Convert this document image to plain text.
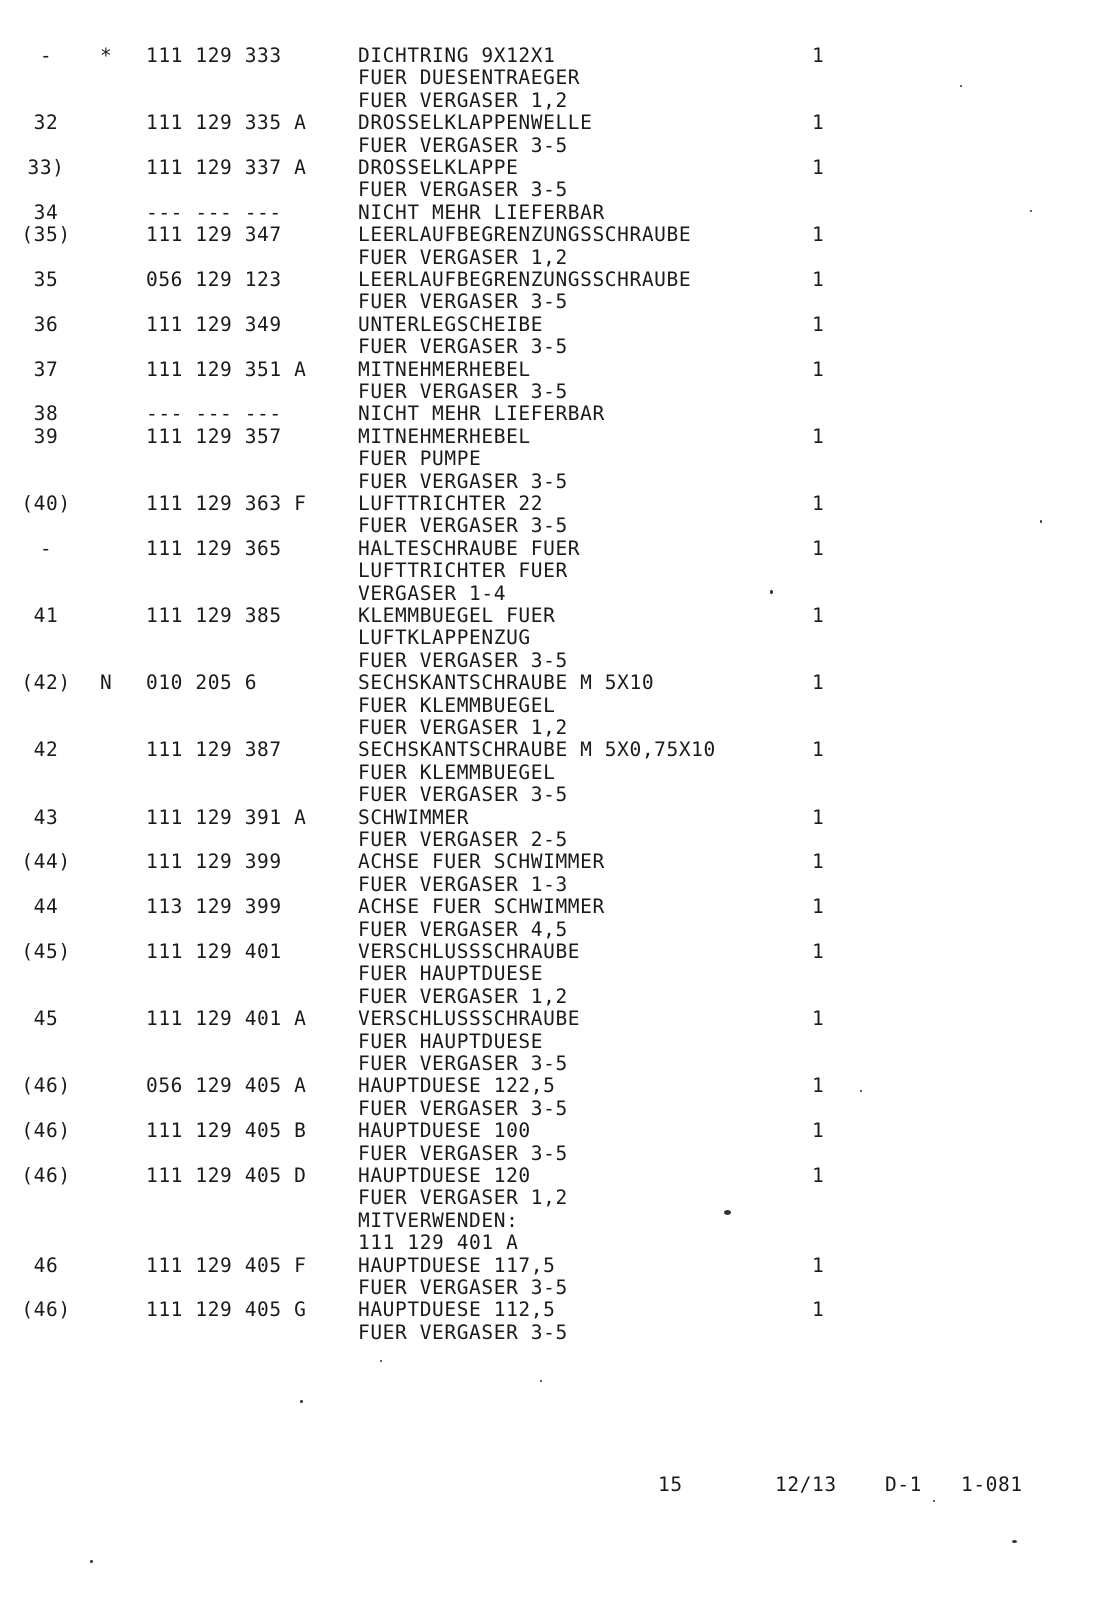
-	* 111 129 333	DICHTRING 9X12X1	1
FUER DUESENTRAEGER
FUER VERGASER 1,2
32	111 129 335 A	DROSSELKLAPPENWELLE	1
FUER VERGASER 3-5
33)	111 129 337 A	DROSSELKLAPPE	1
FUER VERGASER 3-5
34	--- --- ---	NICHT MEHR LIEFERBAR
(35)	111 129 347	LEERLAUFBEGRENZUNGSSCHRAUBE	1
FUER VERGASER 1,2
35	056 129 123	LEERLAUFBEGRENZUNGSSCHRAUBE	1
FUER VERGASER 3-5
36	111 129 349	UNTERLEGSCHEIBE	1
FUER VERGASER 3-5
37	111 129 351 A	MITNEHMERHEBEL	1
FUER VERGASER 3-5
38	--- --- ---	NICHT MEHR LIEFERBAR
39	111 129 357	MITNEHMERHEBEL	1
FUER PUMPE
FUER VERGASER 3-5
(40)	111 129 363 F	LUFTTRICHTER 22	1
FUER VERGASER 3-5
-	111 129 365	HALTESCHRAUBE FUER	1
LUFTTRICHTER FUER
VERGASER 1-4
41	111 129 385	KLEMMBUEGEL FUER	1
LUFTKLAPPENZUG
FUER VERGASER 3-5
(42) N 010 205 6	SECHSKANTSCHRAUBE M 5X10	1
FUER KLEMMBUEGEL
FUER VERGASER 1,2
42	111 129 387	SECHSKANTSCHRAUBE M 5X0,75X10	1
FUER KLEMMBUEGEL
FUER VERGASER 3-5
43	111 129 391 A	SCHWIMMER	1
FUER VERGASER 2-5
(44)	111 129 399	ACHSE FUER SCHWIMMER	1
FUER VERGASER 1-3
44	113 129 399	ACHSE FUER SCHWIMMER	1
FUER VERGASER 4,5
(45)	111 129 401	VERSCHLUSSSCHRAUBE	1
FUER HAUPTDUESE
FUER VERGASER 1,2
45	111 129 401 A	VERSCHLUSSSCHRAUBE	1
FUER HAUPTDUESE
FUER VERGASER 3-5
(46)	056 129 405 A	HAUPTDUESE 122,5	1
FUER VERGASER 3-5
(46)	111 129 405 B	HAUPTDUESE 100	1
FUER VERGASER 3-5
(46)	111 129 405 D	HAUPTDUESE 120	1
FUER VERGASER 1,2
MITVERWENDEN:
111 129 401 A
46	111 129 405 F	HAUPTDUESE 117,5	1
FUER VERGASER 3-5
(46)	111 129 405 G	HAUPTDUESE 112,5	1
FUER VERGASER 3-5
15	12/13 D-1 1-081
